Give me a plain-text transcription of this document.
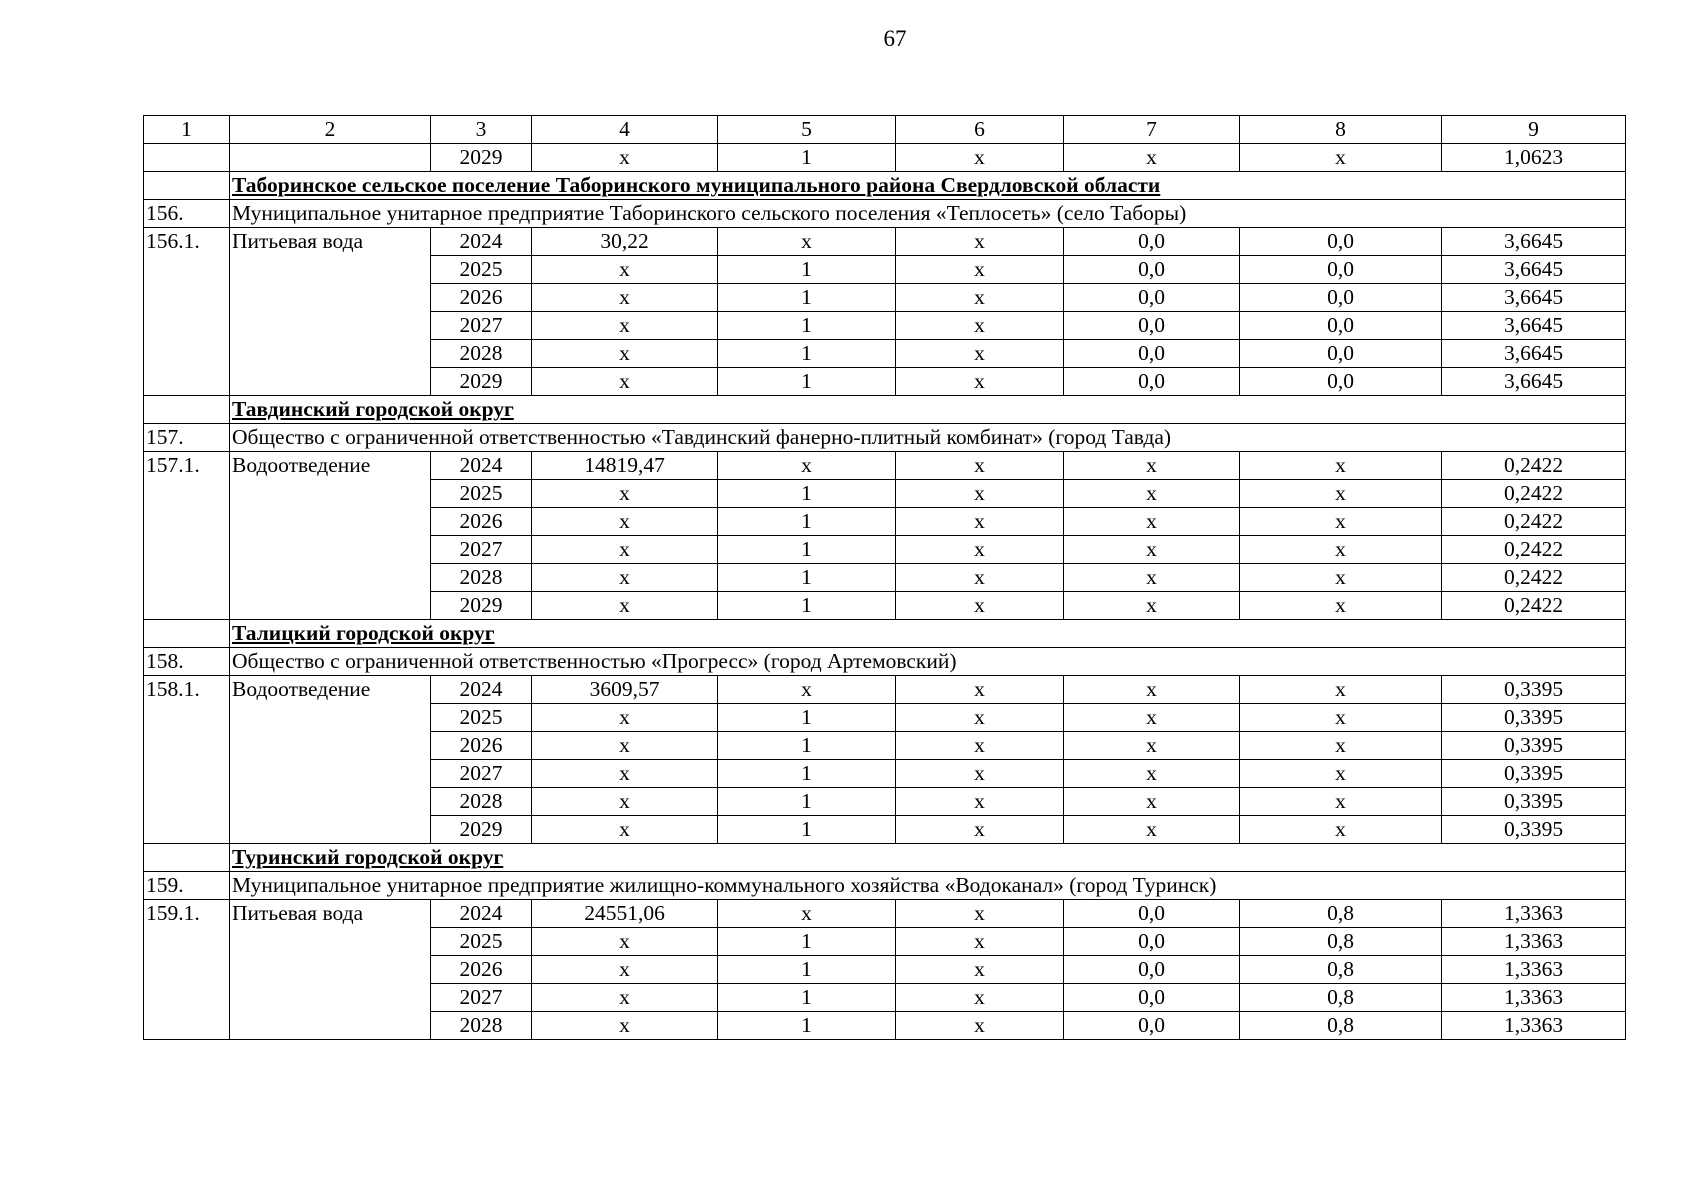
67
1	2	3	4	5	6	7	8	9
		2029	x	1	x	x	x	1,0623
	Таборинское сельское поселение Таборинского муниципального района Свердловской области							
156.	Муниципальное унитарное предприятие Таборинского сельского поселения «Теплосеть» (село Таборы)							
156.1.	Питьевая вода	2024	30,22	x	x	0,0	0,0	3,6645
		2025	x	1	x	0,0	0,0	3,6645
		2026	x	1	x	0,0	0,0	3,6645
		2027	x	1	x	0,0	0,0	3,6645
		2028	x	1	x	0,0	0,0	3,6645
		2029	x	1	x	0,0	0,0	3,6645
	Тавдинский городской округ							
157.	Общество с ограниченной ответственностью «Тавдинский фанерно-плитный комбинат» (город Тавда)							
157.1.	Водоотведение	2024	14819,47	x	x	x	x	0,2422
		2025	x	1	x	x	x	0,2422
		2026	x	1	x	x	x	0,2422
		2027	x	1	x	x	x	0,2422
		2028	x	1	x	x	x	0,2422
		2029	x	1	x	x	x	0,2422
	Талицкий городской округ							
158.	Общество с ограниченной ответственностью «Прогресс» (город Артемовский)							
158.1.	Водоотведение	2024	3609,57	x	x	x	x	0,3395
		2025	x	1	x	x	x	0,3395
		2026	x	1	x	x	x	0,3395
		2027	x	1	x	x	x	0,3395
		2028	x	1	x	x	x	0,3395
		2029	x	1	x	x	x	0,3395
	Туринский городской округ							
159.	Муниципальное унитарное предприятие жилищно-коммунального хозяйства «Водоканал» (город Туринск)							
159.1.	Питьевая вода	2024	24551,06	x	x	0,0	0,8	1,3363
		2025	x	1	x	0,0	0,8	1,3363
		2026	x	1	x	0,0	0,8	1,3363
		2027	x	1	x	0,0	0,8	1,3363
		2028	x	1	x	0,0	0,8	1,3363
